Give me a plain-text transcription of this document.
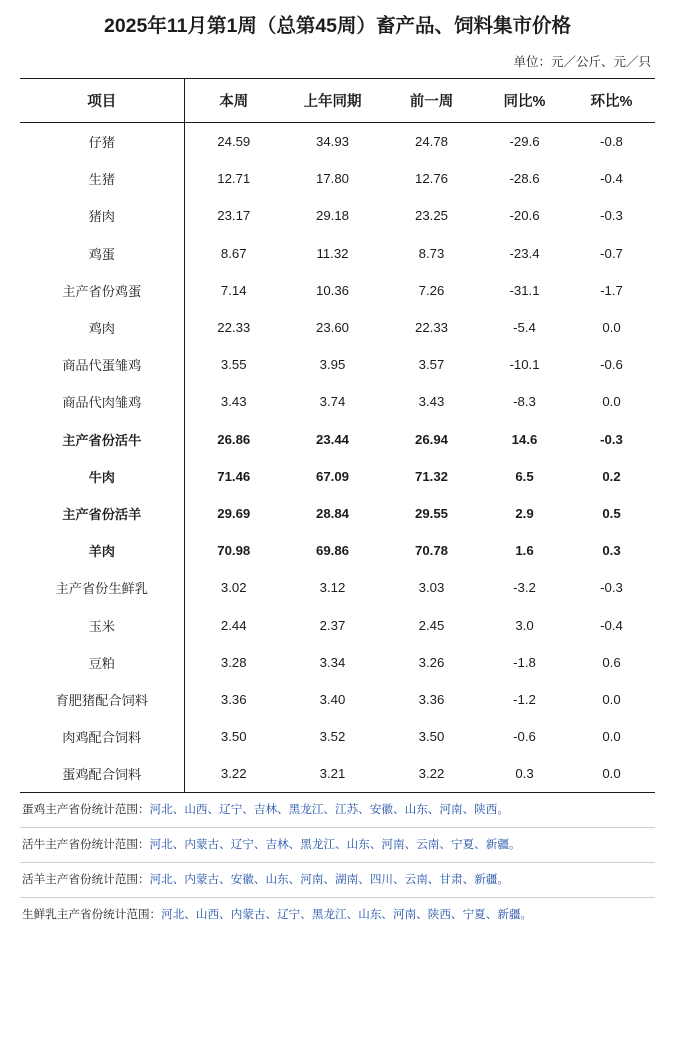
2025年11月第1周（总第45周）畜产品、饲料集市价格
单位：元／公斤、元／只
项目	本周	上年同期	前一周	同比%	环比%
仔猪	24.59	34.93	24.78	-29.6	-0.8
生猪	12.71	17.80	12.76	-28.6	-0.4
猪肉	23.17	29.18	23.25	-20.6	-0.3
鸡蛋	8.67	11.32	8.73	-23.4	-0.7
主产省份鸡蛋	7.14	10.36	7.26	-31.1	-1.7
鸡肉	22.33	23.60	22.33	-5.4	0.0
商品代蛋雏鸡	3.55	3.95	3.57	-10.1	-0.6
商品代肉雏鸡	3.43	3.74	3.43	-8.3	0.0
主产省份活牛	26.86	23.44	26.94	14.6	-0.3
牛肉	71.46	67.09	71.32	6.5	0.2
主产省份活羊	29.69	28.84	29.55	2.9	0.5
羊肉	70.98	69.86	70.78	1.6	0.3
主产省份生鲜乳	3.02	3.12	3.03	-3.2	-0.3
玉米	2.44	2.37	2.45	3.0	-0.4
豆粕	3.28	3.34	3.26	-1.8	0.6
育肥猪配合饲料	3.36	3.40	3.36	-1.2	0.0
肉鸡配合饲料	3.50	3.52	3.50	-0.6	0.0
蛋鸡配合饲料	3.22	3.21	3.22	0.3	0.0
蛋鸡主产省份统计范围：河北、山西、辽宁、吉林、黑龙江、江苏、安徽、山东、河南、陕西。
活牛主产省份统计范围：河北、内蒙古、辽宁、吉林、黑龙江、山东、河南、云南、宁夏、新疆。
活羊主产省份统计范围：河北、内蒙古、安徽、山东、河南、湖南、四川、云南、甘肃、新疆。
生鲜乳主产省份统计范围：河北、山西、内蒙古、辽宁、黑龙江、山东、河南、陕西、宁夏、新疆。
